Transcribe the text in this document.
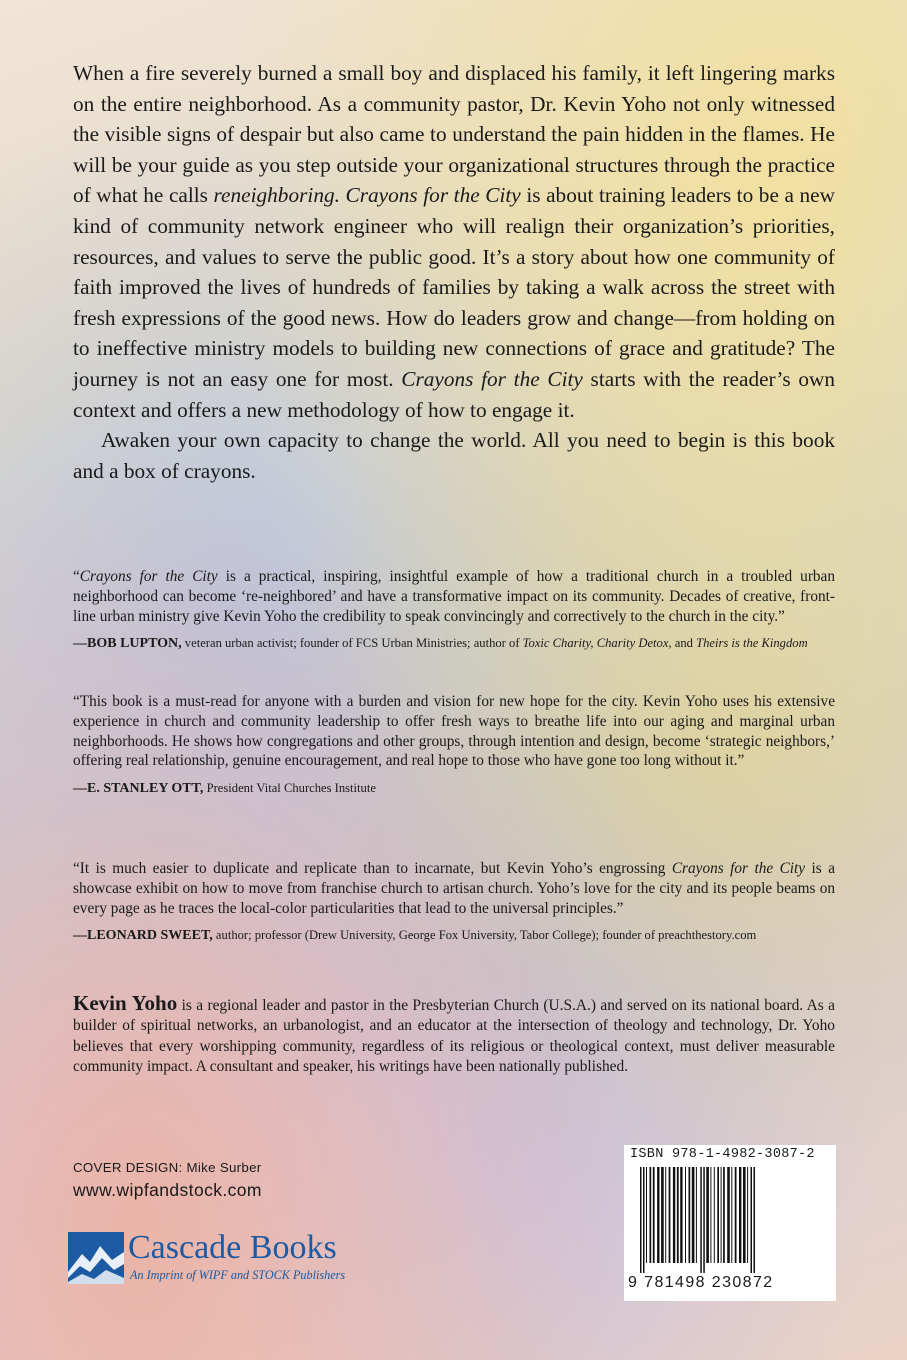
When a fire severely burned a small boy and displaced his family, it left lingering marks on the entire neighborhood. As a community pastor, Dr. Kevin Yoho not only witnessed the visible signs of despair but also came to understand the pain hidden in the flames. He will be your guide as you step outside your organizational structures through the practice of what he calls reneighboring. Crayons for the City is about training leaders to be a new kind of community network engineer who will realign their organization’s priorities, resources, and values to serve the public good. It’s a story about how one community of faith improved the lives of hundreds of families by taking a walk across the street with fresh expressions of the good news. How do leaders grow and change—from holding on to ineffective ministry models to building new connections of grace and gratitude? The journey is not an easy one for most. Crayons for the City starts with the reader’s own context and offers a new methodology of how to engage it.

Awaken your own capacity to change the world. All you need to begin is this book and a box of crayons.

“Crayons for the City is a practical, inspiring, insightful example of how a traditional church in a troubled urban neighborhood can become ‘re-neighbored’ and have a transformative impact on its community. Decades of creative, front-line urban ministry give Kevin Yoho the credibility to speak convincingly and correctively to the church in the city.”

—BOB LUPTON, veteran urban activist; founder of FCS Urban Ministries; author of Toxic Charity, Charity Detox, and Theirs is the Kingdom

“This book is a must-read for anyone with a burden and vision for new hope for the city. Kevin Yoho uses his extensive experience in church and community leadership to offer fresh ways to breathe life into our aging and marginal urban neighborhoods. He shows how congregations and other groups, through intention and design, become ‘strategic neighbors,’ offering real relationship, genuine encouragement, and real hope to those who have gone too long without it.”

—E. STANLEY OTT, President Vital Churches Institute

“It is much easier to duplicate and replicate than to incarnate, but Kevin Yoho’s engrossing Crayons for the City is a showcase exhibit on how to move from franchise church to artisan church. Yoho’s love for the city and its people beams on every page as he traces the local-color particularities that lead to the universal principles.”

—LEONARD SWEET, author; professor (Drew University, George Fox University, Tabor College); founder of preachthestory.com

Kevin Yoho is a regional leader and pastor in the Presbyterian Church (U.S.A.) and served on its national board. As a builder of spiritual networks, an urbanologist, and an educator at the intersection of theology and technology, Dr. Yoho believes that every worshipping community, regardless of its religious or theological context, must deliver measurable community impact. A consultant and speaker, his writings have been nationally published.
COVER DESIGN: Mike Surber
www.wipfandstock.com
Cascade Books
An Imprint of WIPF and STOCK Publishers
ISBN 978-1-4982-3087-2
9 781498 230872
